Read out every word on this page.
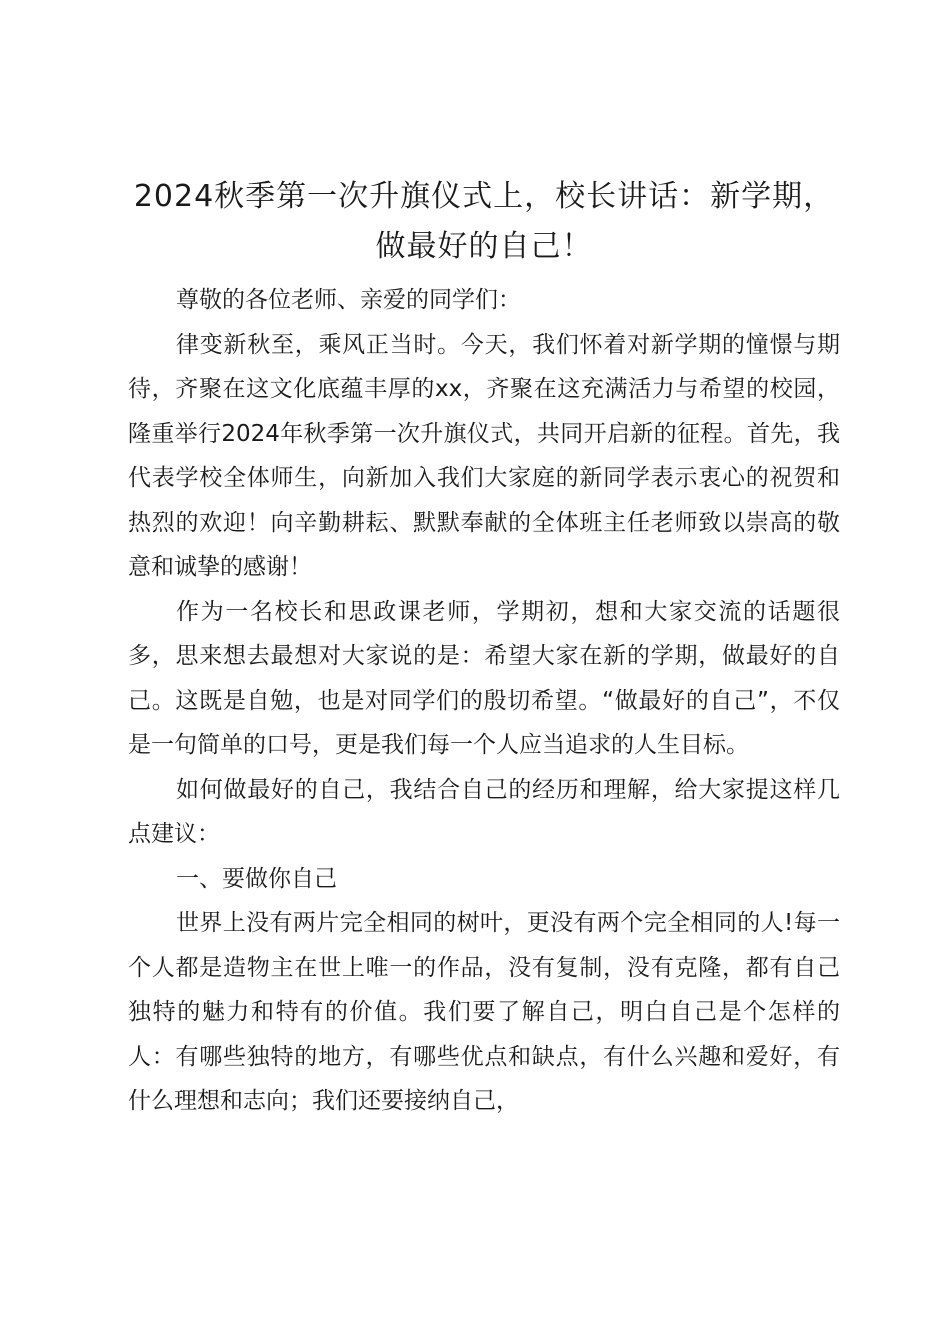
2024秋季第一次升旗仪式上，校长讲话：新学期，做最好的自己！

尊敬的各位老师、亲爱的同学们：

律变新秋至，乘风正当时。今天，我们怀着对新学期的憧憬与期待，齐聚在这文化底蕴丰厚的xx，齐聚在这充满活力与希望的校园，隆重举行2024年秋季第一次升旗仪式，共同开启新的征程。首先，我代表学校全体师生，向新加入我们大家庭的新同学表示衷心的祝贺和热烈的欢迎！向辛勤耕耘、默默奉献的全体班主任老师致以崇高的敬意和诚挚的感谢！

作为一名校长和思政课老师，学期初，想和大家交流的话题很多，思来想去最想对大家说的是：希望大家在新的学期，做最好的自己。这既是自勉，也是对同学们的殷切希望。“做最好的自己”，不仅是一句简单的口号，更是我们每一个人应当追求的人生目标。

如何做最好的自己，我结合自己的经历和理解，给大家提这样几点建议：

一、要做你自己

世界上没有两片完全相同的树叶，更没有两个完全相同的人!每一个人都是造物主在世上唯一的作品，没有复制，没有克隆，都有自己独特的魅力和特有的价值。我们要了解自己，明白自己是个怎样的人：有哪些独特的地方，有哪些优点和缺点，有什么兴趣和爱好，有什么理想和志向；我们还要接纳自己，
